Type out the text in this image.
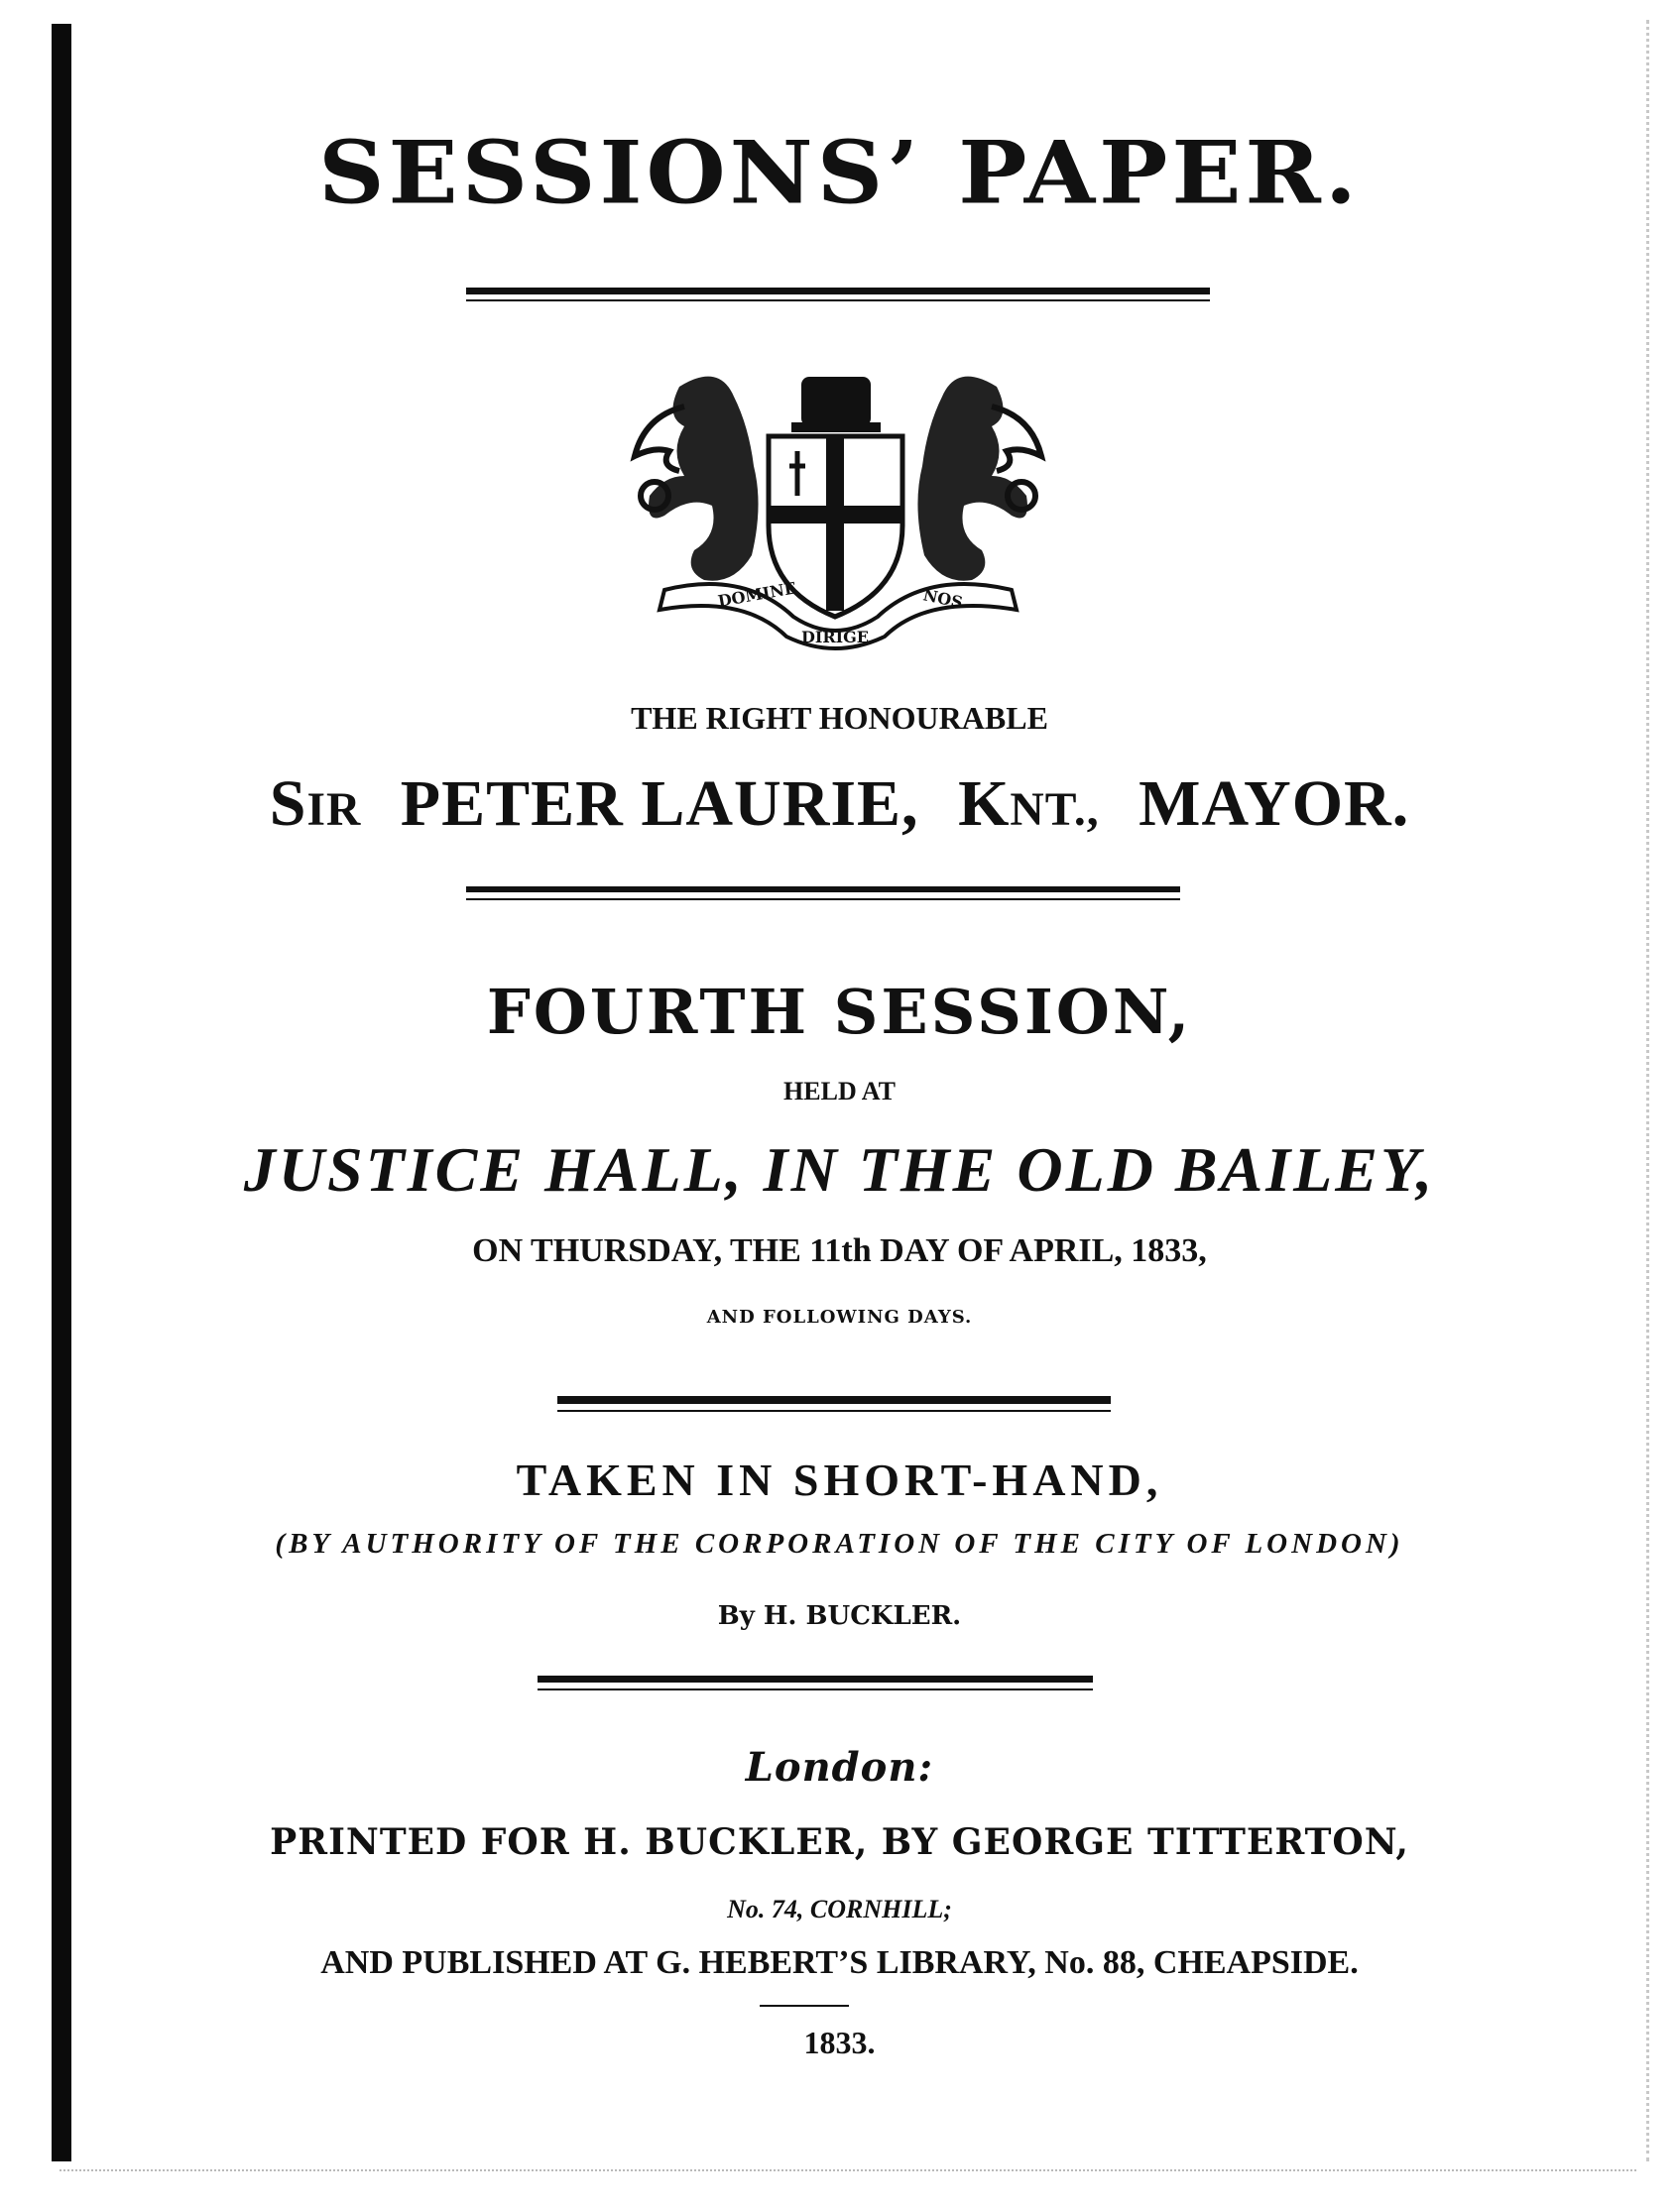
SESSIONS’ PAPER.
DOMINE
DIRIGE
NOS
THE RIGHT HONOURABLE
SIR PETER LAURIE, KNT., MAYOR.
FOURTH SESSION,
HELD AT
JUSTICE HALL, IN THE OLD BAILEY,
ON THURSDAY, THE 11th DAY OF APRIL, 1833,
AND FOLLOWING DAYS.
TAKEN IN SHORT-HAND,
(BY AUTHORITY OF THE CORPORATION OF THE CITY OF LONDON)
By H. BUCKLER.
London:
PRINTED FOR H. BUCKLER, BY GEORGE TITTERTON,
No. 74, CORNHILL;
AND PUBLISHED AT G. HEBERT’S LIBRARY, No. 88, CHEAPSIDE.
1833.
